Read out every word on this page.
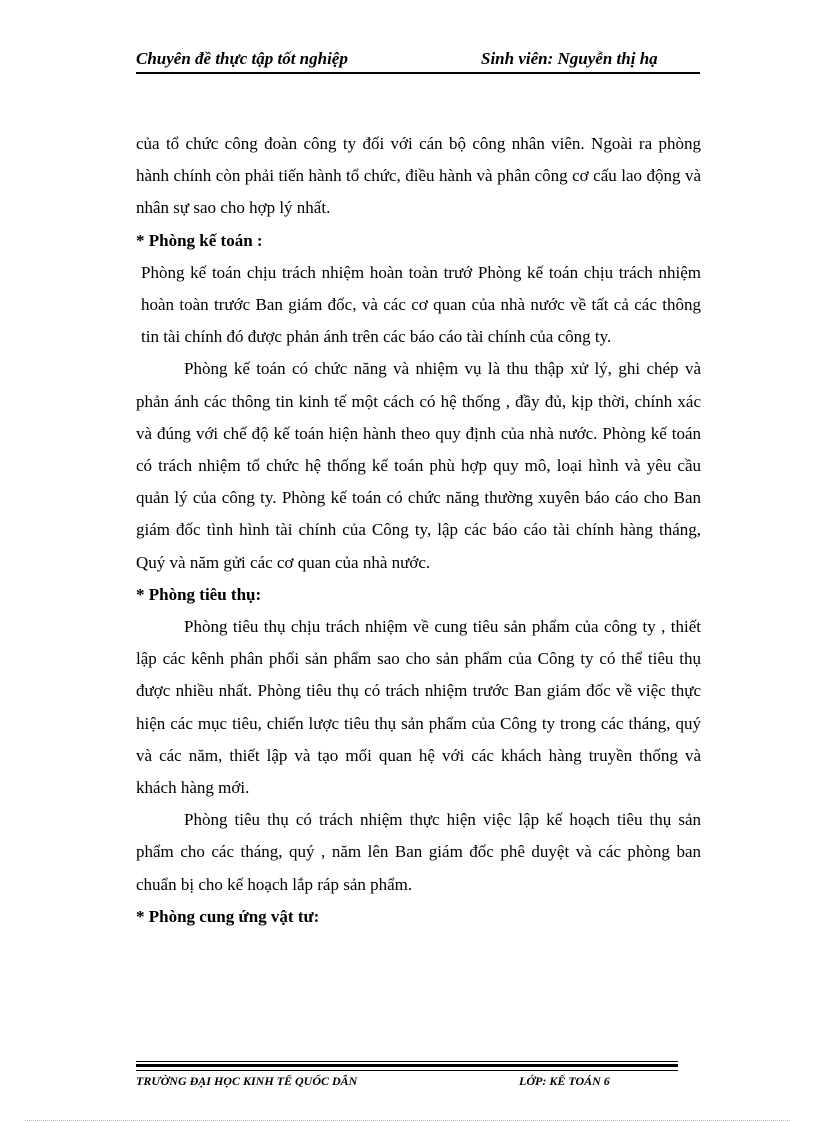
Chuyên đề thực tập tốt nghiệp	Sinh viên: Nguyễn thị hạ

của tổ chức công đoàn công ty đối với cán bộ công nhân viên. Ngoài ra phòng hành chính còn phải tiến hành tổ chức, điều hành và phân công cơ cấu lao động và nhân sự sao cho hợp lý nhất.

* Phòng kế toán :

Phòng kế toán chịu trách nhiệm hoàn toàn trướ Phòng kế toán chịu trách nhiệm hoàn toàn trước Ban giám đốc, và các cơ quan của nhà nước về tất cả các thông tin tài chính đó được phản ánh trên các báo cáo tài chính của công ty.

Phòng kế toán có chức năng và nhiệm vụ là thu thập xử lý, ghi chép và phản ánh các thông tin kinh tế một cách có hệ thống , đầy đủ, kịp thời, chính xác và đúng với chế độ kế toán hiện hành theo quy định của nhà nước. Phòng kế toán có trách nhiệm tổ chức hệ thống kế toán phù hợp quy mô, loại hình và yêu cầu quản lý của công ty. Phòng kế toán có chức năng thường xuyên báo cáo cho Ban giám đốc tình hình tài chính của Công ty, lập các báo cáo tài chính hàng tháng, Quý và năm gửi các cơ quan của nhà nước.

* Phòng tiêu thụ:

Phòng tiêu thụ chịu trách nhiệm về cung tiêu sản phẩm của công ty , thiết lập các kênh phân phối sản phẩm sao cho sản phẩm của Công ty có thể tiêu thụ được nhiều nhất. Phòng tiêu thụ có trách nhiệm trước Ban giám đốc về việc thực hiện các mục tiêu, chiến lược tiêu thụ sản phẩm của Công ty trong các tháng, quý và các năm, thiết lập và tạo mối quan hệ với các khách hàng truyền thống và khách hàng mới.

Phòng tiêu thụ có trách nhiệm thực hiện việc lập kế hoạch tiêu thụ sản phẩm cho các tháng, quý , năm lên Ban giám đốc phê duyệt và các phòng ban chuẩn bị cho kế hoạch lắp ráp sản phẩm.

* Phòng cung ứng vật tư:

TRƯỜNG ĐẠI HỌC KINH TẾ QUỐC DÂN	LỚP: KẾ TOÁN 6
